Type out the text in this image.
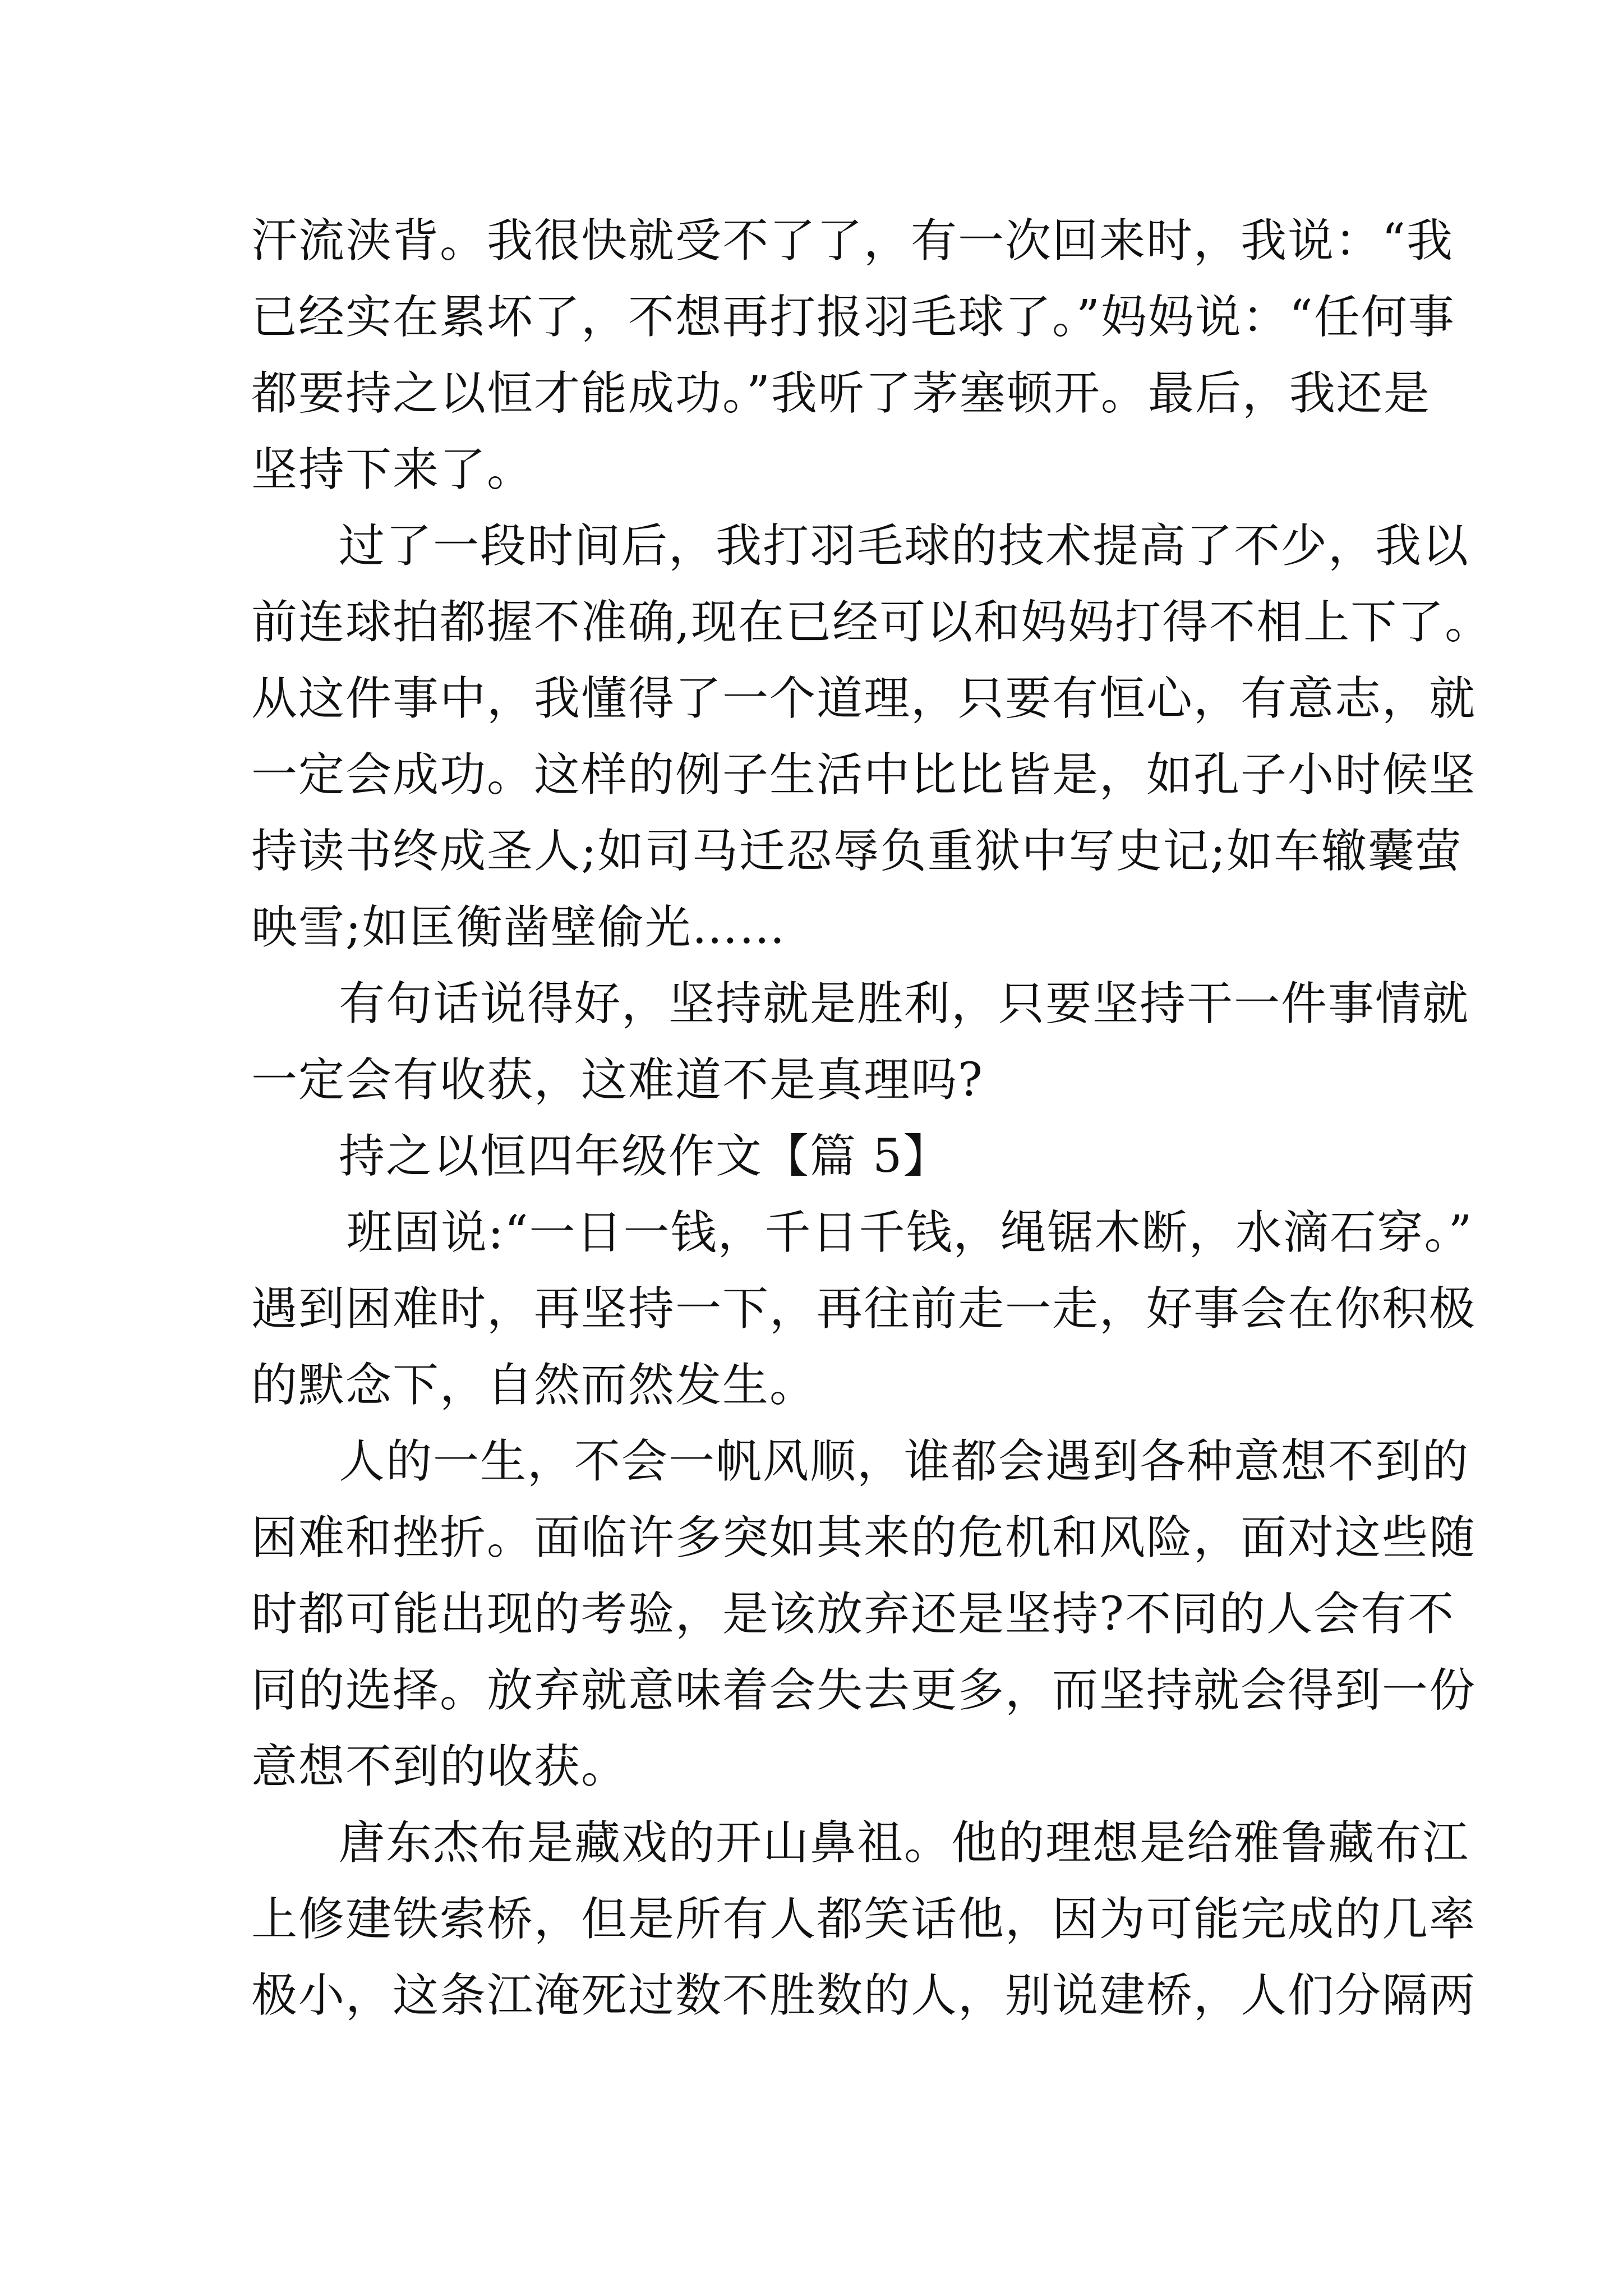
汗流浃背。我很快就受不了了，有一次回来时，我说：“我
已经实在累坏了，不想再打报羽毛球了。”妈妈说：“任何事
都要持之以恒才能成功。”我听了茅塞顿开。最后，我还是
坚持下来了。
过了一段时间后，我打羽毛球的技术提高了不少，我以
前连球拍都握不准确,现在已经可以和妈妈打得不相上下了。
从这件事中，我懂得了一个道理，只要有恒心，有意志，就
一定会成功。这样的例子生活中比比皆是，如孔子小时候坚
持读书终成圣人;如司马迁忍辱负重狱中写史记;如车辙囊萤
映雪;如匡衡凿壁偷光……
有句话说得好，坚持就是胜利，只要坚持干一件事情就
一定会有收获，这难道不是真理吗?
持之以恒四年级作文【篇 5】
班固说:“一日一钱，千日千钱，绳锯木断，水滴石穿。”
遇到困难时，再坚持一下，再往前走一走，好事会在你积极
的默念下，自然而然发生。
人的一生，不会一帆风顺，谁都会遇到各种意想不到的
困难和挫折。面临许多突如其来的危机和风险，面对这些随
时都可能出现的考验，是该放弃还是坚持?不同的人会有不
同的选择。放弃就意味着会失去更多，而坚持就会得到一份
意想不到的收获。
唐东杰布是藏戏的开山鼻祖。他的理想是给雅鲁藏布江
上修建铁索桥，但是所有人都笑话他，因为可能完成的几率
极小，这条江淹死过数不胜数的人，别说建桥，人们分隔两
